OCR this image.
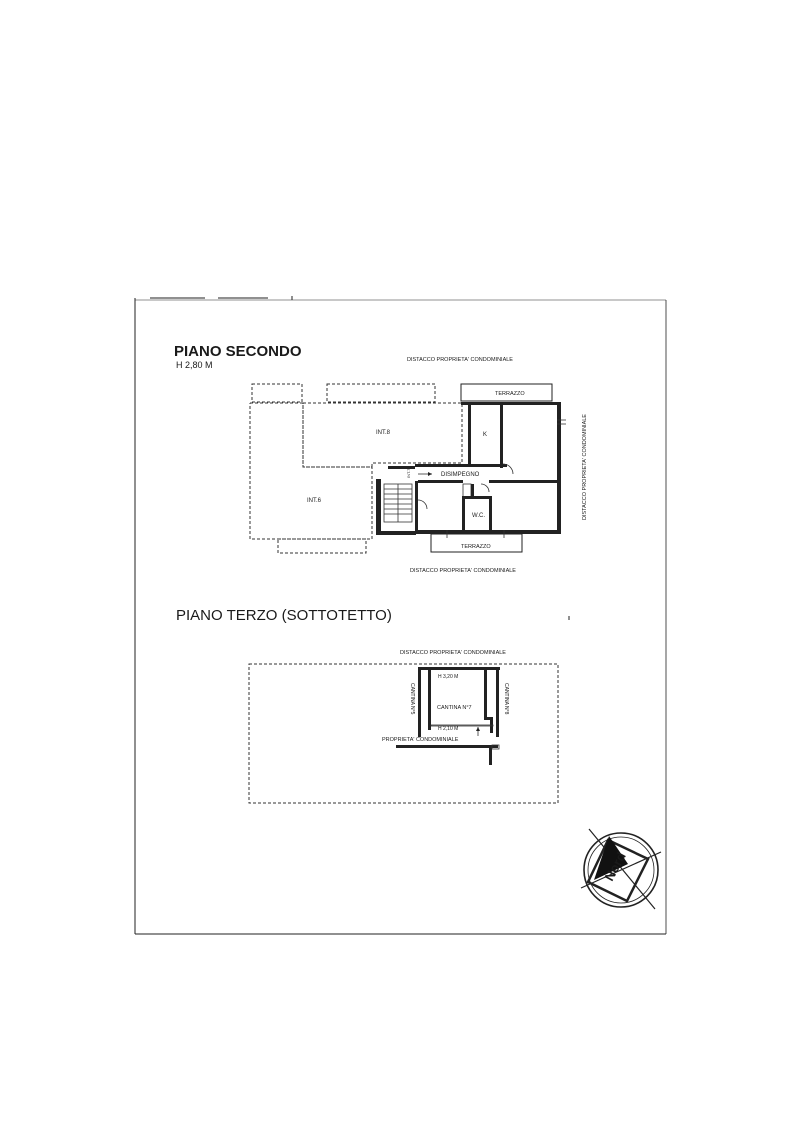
PIANO SECONDO
H 2,80 M	DISTACCO PROPRIETA' CONDOMINIALE
INT.8
INT.6
INT.7
TERRAZZO
K
DISIMPEGNO
W.C.
TERRAZZO
DISTACCO PROPRIETA' CONDOMINIALE
DISTACCO PROPRIETA' CONDOMINIALE
PIANO TERZO (SOTTOTETTO)
DISTACCO PROPRIETA' CONDOMINIALE
H 3,20 M
H 2,10 M
CANTINA N°7
CANTINA N°5	CANTINA N°8
PROPRIETA' CONDOMINIALE
Nord
